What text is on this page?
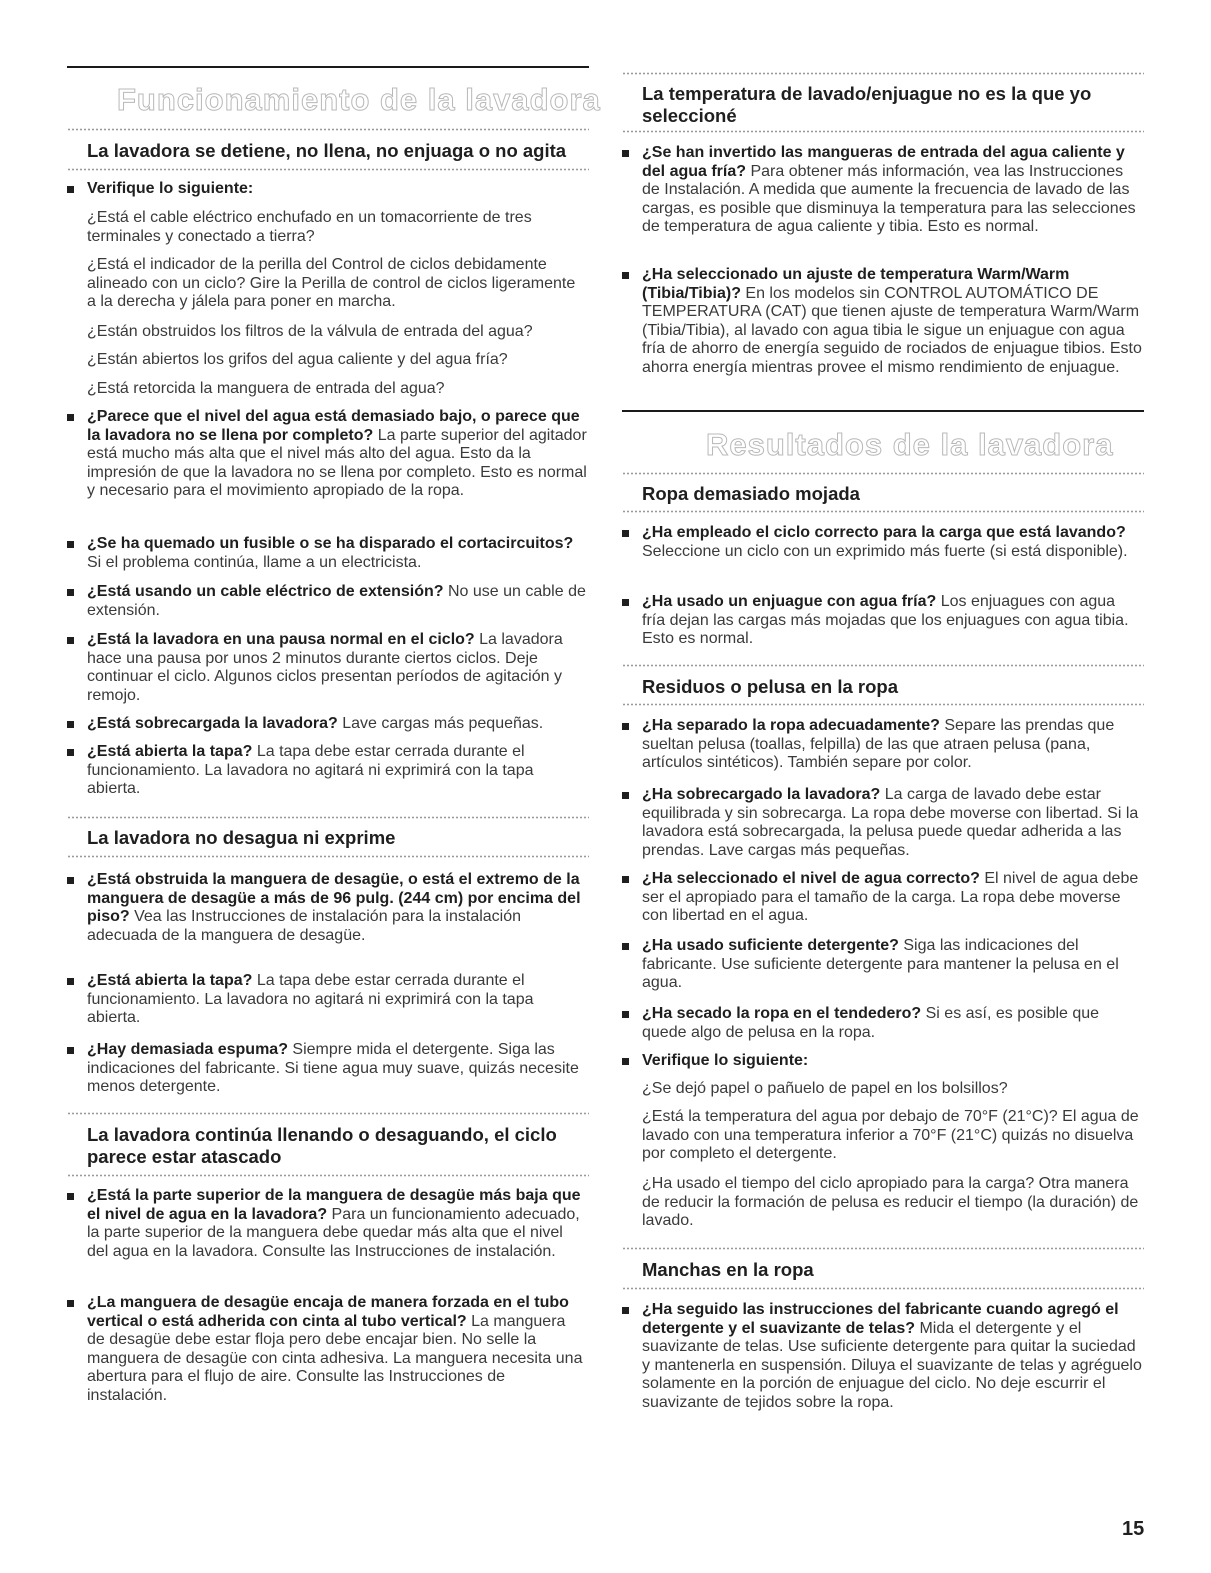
Funcionamiento de la lavadora
La lavadora se detiene, no llena, no enjuaga o no agita
Verifique lo siguiente:
¿Está el cable eléctrico enchufado en un tomacorriente de tres terminales y conectado a tierra?
¿Está el indicador de la perilla del Control de ciclos debidamente alineado con un ciclo? Gire la Perilla de control de ciclos ligeramente a la derecha y jálela para poner en marcha.
¿Están obstruidos los filtros de la válvula de entrada del agua?
¿Están abiertos los grifos del agua caliente y del agua fría?
¿Está retorcida la manguera de entrada del agua?
¿Parece que el nivel del agua está demasiado bajo, o parece que la lavadora no se llena por completo? La parte superior del agitador está mucho más alta que el nivel más alto del agua. Esto da la impresión de que la lavadora no se llena por completo. Esto es normal y necesario para el movimiento apropiado de la ropa.
¿Se ha quemado un fusible o se ha disparado el cortacircuitos? Si el problema continúa, llame a un electricista.
¿Está usando un cable eléctrico de extensión? No use un cable de extensión.
¿Está la lavadora en una pausa normal en el ciclo? La lavadora hace una pausa por unos 2 minutos durante ciertos ciclos. Deje continuar el ciclo. Algunos ciclos presentan períodos de agitación y remojo.
¿Está sobrecargada la lavadora? Lave cargas más pequeñas.
¿Está abierta la tapa? La tapa debe estar cerrada durante el funcionamiento. La lavadora no agitará ni exprimirá con la tapa abierta.
La lavadora no desagua ni exprime
¿Está obstruida la manguera de desagüe, o está el extremo de la manguera de desagüe a más de 96 pulg. (244 cm) por encima del piso? Vea las Instrucciones de instalación para la instalación adecuada de la manguera de desagüe.
¿Está abierta la tapa? La tapa debe estar cerrada durante el funcionamiento. La lavadora no agitará ni exprimirá con la tapa abierta.
¿Hay demasiada espuma? Siempre mida el detergente. Siga las indicaciones del fabricante. Si tiene agua muy suave, quizás necesite menos detergente.
La lavadora continúa llenando o desaguando, el ciclo parece estar atascado
¿Está la parte superior de la manguera de desagüe más baja que el nivel de agua en la lavadora? Para un funcionamiento adecuado, la parte superior de la manguera debe quedar más alta que el nivel del agua en la lavadora. Consulte las Instrucciones de instalación.
¿La manguera de desagüe encaja de manera forzada en el tubo vertical o está adherida con cinta al tubo vertical? La manguera de desagüe debe estar floja pero debe encajar bien. No selle la manguera de desagüe con cinta adhesiva. La manguera necesita una abertura para el flujo de aire. Consulte las Instrucciones de instalación.
La temperatura de lavado/enjuague no es la que yo seleccioné
¿Se han invertido las mangueras de entrada del agua caliente y del agua fría? Para obtener más información, vea las Instrucciones de Instalación. A medida que aumente la frecuencia de lavado de las cargas, es posible que disminuya la temperatura para las selecciones de temperatura de agua caliente y tibia. Esto es normal.
¿Ha seleccionado un ajuste de temperatura Warm/Warm (Tibia/Tibia)? En los modelos sin CONTROL AUTOMÁTICO DE TEMPERATURA (CAT) que tienen ajuste de temperatura Warm/Warm (Tibia/Tibia), al lavado con agua tibia le sigue un enjuague con agua fría de ahorro de energía seguido de rociados de enjuague tibios. Esto ahorra energía mientras provee el mismo rendimiento de enjuague.
Resultados de la lavadora
Ropa demasiado mojada
¿Ha empleado el ciclo correcto para la carga que está lavando? Seleccione un ciclo con un exprimido más fuerte (si está disponible).
¿Ha usado un enjuague con agua fría? Los enjuagues con agua fría dejan las cargas más mojadas que los enjuagues con agua tibia. Esto es normal.
Residuos o pelusa en la ropa
¿Ha separado la ropa adecuadamente? Separe las prendas que sueltan pelusa (toallas, felpilla) de las que atraen pelusa (pana, artículos sintéticos). También separe por color.
¿Ha sobrecargado la lavadora? La carga de lavado debe estar equilibrada y sin sobrecarga. La ropa debe moverse con libertad. Si la lavadora está sobrecargada, la pelusa puede quedar adherida a las prendas. Lave cargas más pequeñas.
¿Ha seleccionado el nivel de agua correcto? El nivel de agua debe ser el apropiado para el tamaño de la carga. La ropa debe moverse con libertad en el agua.
¿Ha usado suficiente detergente? Siga las indicaciones del fabricante. Use suficiente detergente para mantener la pelusa en el agua.
¿Ha secado la ropa en el tendedero? Si es así, es posible que quede algo de pelusa en la ropa.
Verifique lo siguiente:
¿Se dejó papel o pañuelo de papel en los bolsillos?
¿Está la temperatura del agua por debajo de 70°F (21°C)? El agua de lavado con una temperatura inferior a 70°F (21°C) quizás no disuelva por completo el detergente.
¿Ha usado el tiempo del ciclo apropiado para la carga? Otra manera de reducir la formación de pelusa es reducir el tiempo (la duración) de lavado.
Manchas en la ropa
¿Ha seguido las instrucciones del fabricante cuando agregó el detergente y el suavizante de telas? Mida el detergente y el suavizante de telas. Use suficiente detergente para quitar la suciedad y mantenerla en suspensión. Diluya el suavizante de telas y agréguelo solamente en la porción de enjuague del ciclo. No deje escurrir el suavizante de tejidos sobre la ropa.
15
